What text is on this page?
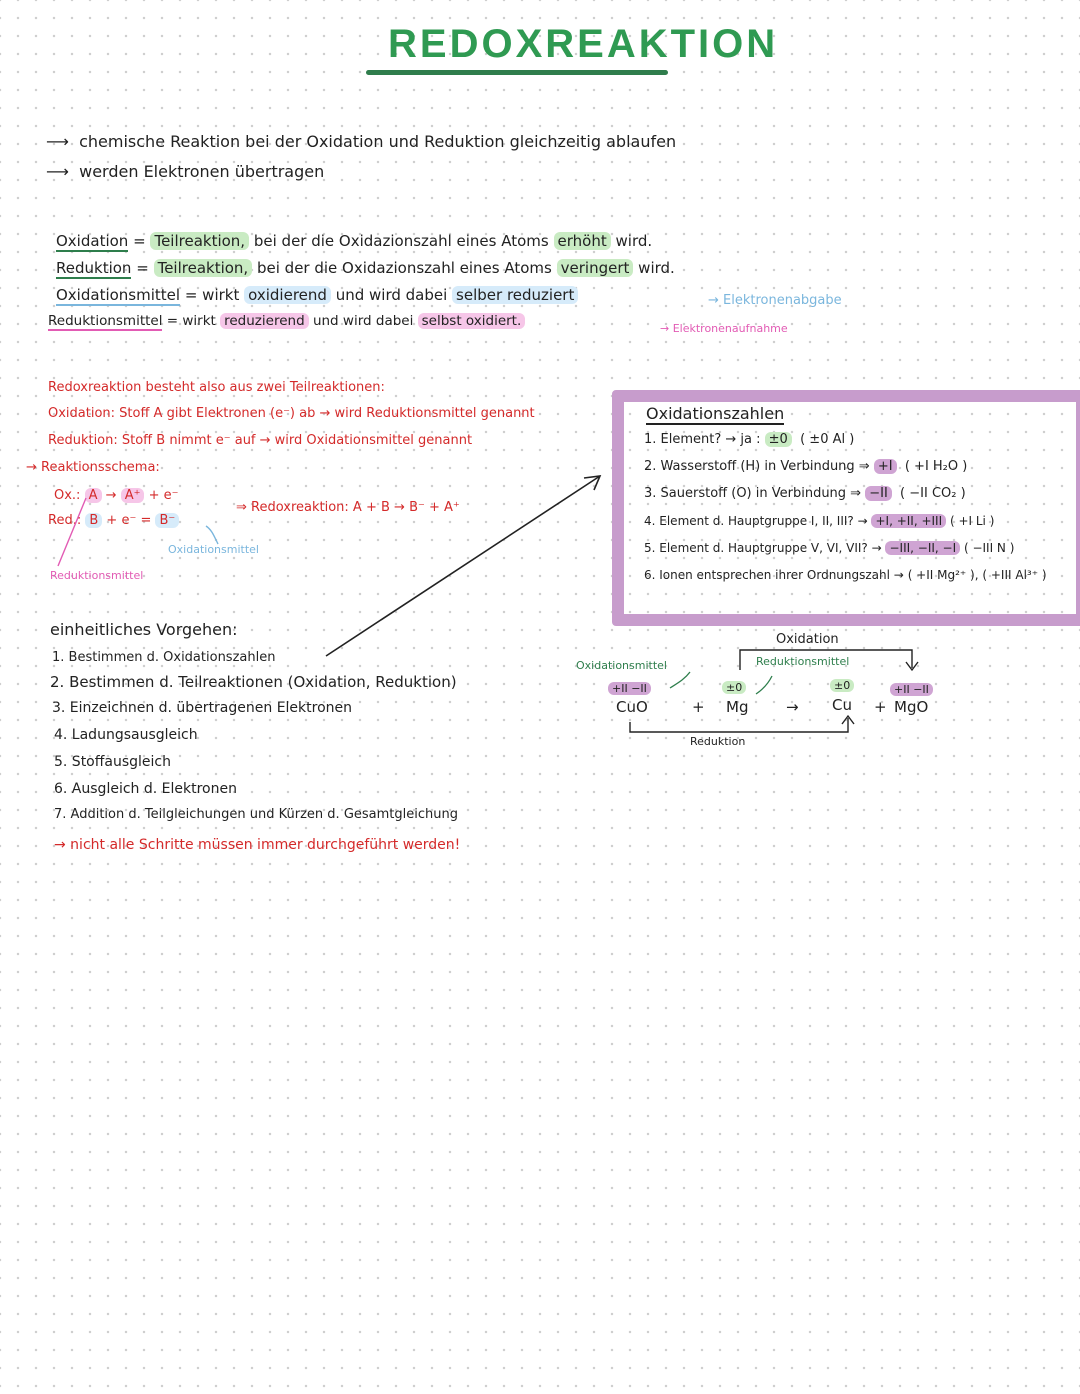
REDOXREAKTION
⟶ chemische Reaktion bei der Oxidation und Reduktion gleichzeitig ablaufen
⟶ werden Elektronen übertragen
Oxidation = Teilreaktion, bei der die Oxidazionszahl eines Atoms erhöht wird.
Reduktion = Teilreaktion, bei der die Oxidazionszahl eines Atoms veringert wird.
Oxidationsmittel = wirkt oxidierend und wird dabei selber reduziert	→ Elektronenabgabe
Reduktionsmittel = wirkt reduzierend und wird dabei selbst oxidiert.	→ Elektronenaufnahme
Redoxreaktion besteht also aus zwei Teilreaktionen:
Oxidation: Stoff A gibt Elektronen (e⁻) ab → wird Reduktionsmittel genannt
Reduktion: Stoff B nimmt e⁻ auf → wird Oxidationsmittel genannt
→ Reaktionsschema:
Ox.: A → A⁺ + e⁻
Red.: B + e⁻ = B⁻
⇒ Redoxreaktion: A + B → B⁻ + A⁺
Oxidationsmittel
Reduktionsmittel
Oxidationszahlen
1. Element? → ja : ±0 ( ±0 Al )
2. Wasserstoff (H) in Verbindung ⇒ +I ( +I H₂O )
3. Sauerstoff (O) in Verbindung ⇒ −II ( −II CO₂ )
4. Element d. Hauptgruppe I, II, III? → +I, +II, +III ( +I Li )
5. Element d. Hauptgruppe V, VI, VII? → −III, −II, −I ( −III N )
6. Ionen entsprechen ihrer Ordnungszahl → ( +II Mg²⁺ ), ( +III Al³⁺ )
einheitliches Vorgehen:
1. Bestimmen d. Oxidationszahlen
2. Bestimmen d. Teilreaktionen (Oxidation, Reduktion)
3. Einzeichnen d. übertragenen Elektronen
4. Ladungsausgleich
5. Stoffausgleich
6. Ausgleich d. Elektronen
7. Addition d. Teilgleichungen und Kürzen d. Gesamtgleichung
→ nicht alle Schritte müssen immer durchgeführt werden!
Oxidation
Oxidationsmittel	Reduktionsmittel
+II −II	±0	±0	+II −II
CuO	+ Mg	→ Cu + MgO
Reduktion
